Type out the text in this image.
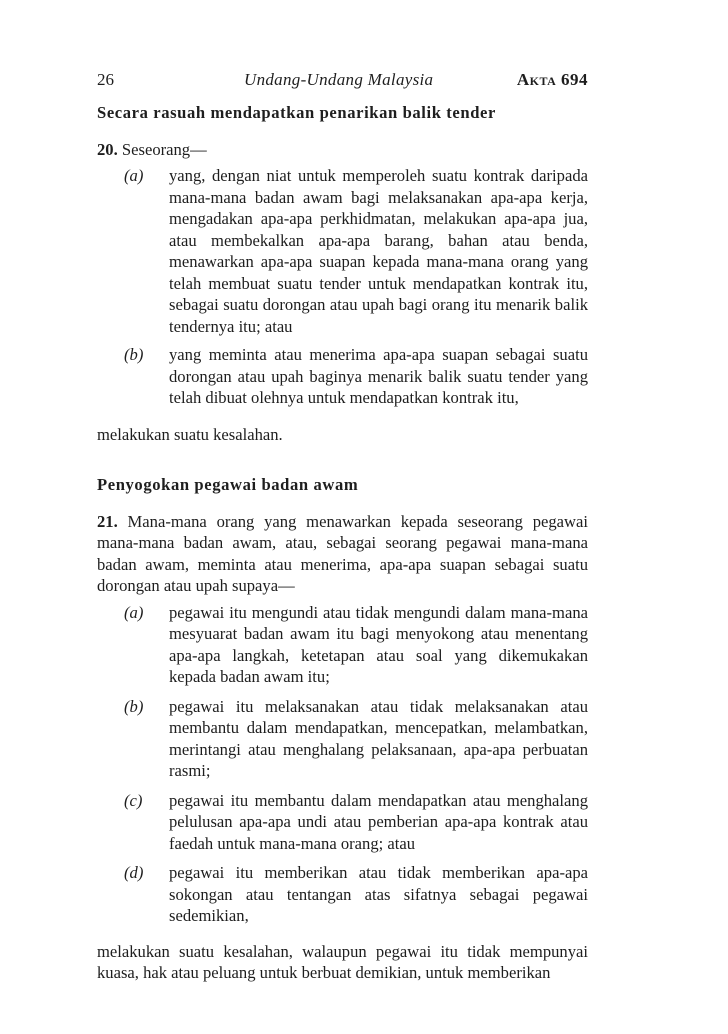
26	Undang-Undang Malaysia	Akta 694

Secara rasuah mendapatkan penarikan balik tender

20. Seseorang—

(a) yang, dengan niat untuk memperoleh suatu kontrak daripada mana-mana badan awam bagi melaksanakan apa-apa kerja, mengadakan apa-apa perkhidmatan, melakukan apa-apa jua, atau membekalkan apa-apa barang, bahan atau benda, menawarkan apa-apa suapan kepada mana-mana orang yang telah membuat suatu tender untuk mendapatkan kontrak itu, sebagai suatu dorongan atau upah bagi orang itu menarik balik tendernya itu; atau
(b) yang meminta atau menerima apa-apa suapan sebagai suatu dorongan atau upah baginya menarik balik suatu tender yang telah dibuat olehnya untuk mendapatkan kontrak itu,

melakukan suatu kesalahan.

Penyogokan pegawai badan awam

21. Mana-mana orang yang menawarkan kepada seseorang pegawai mana-mana badan awam, atau, sebagai seorang pegawai mana-mana badan awam, meminta atau menerima, apa-apa suapan sebagai suatu dorongan atau upah supaya—

(a) pegawai itu mengundi atau tidak mengundi dalam mana-mana mesyuarat badan awam itu bagi menyokong atau menentang apa-apa langkah, ketetapan atau soal yang dikemukakan kepada badan awam itu;
(b) pegawai itu melaksanakan atau tidak melaksanakan atau membantu dalam mendapatkan, mencepatkan, melambatkan, merintangi atau menghalang pelaksanaan, apa-apa perbuatan rasmi;
(c) pegawai itu membantu dalam mendapatkan atau menghalang pelulusan apa-apa undi atau pemberian apa-apa kontrak atau faedah untuk mana-mana orang; atau
(d) pegawai itu memberikan atau tidak memberikan apa-apa sokongan atau tentangan atas sifatnya sebagai pegawai sedemikian,

melakukan suatu kesalahan, walaupun pegawai itu tidak mempunyai kuasa, hak atau peluang untuk berbuat demikian, untuk memberikan
